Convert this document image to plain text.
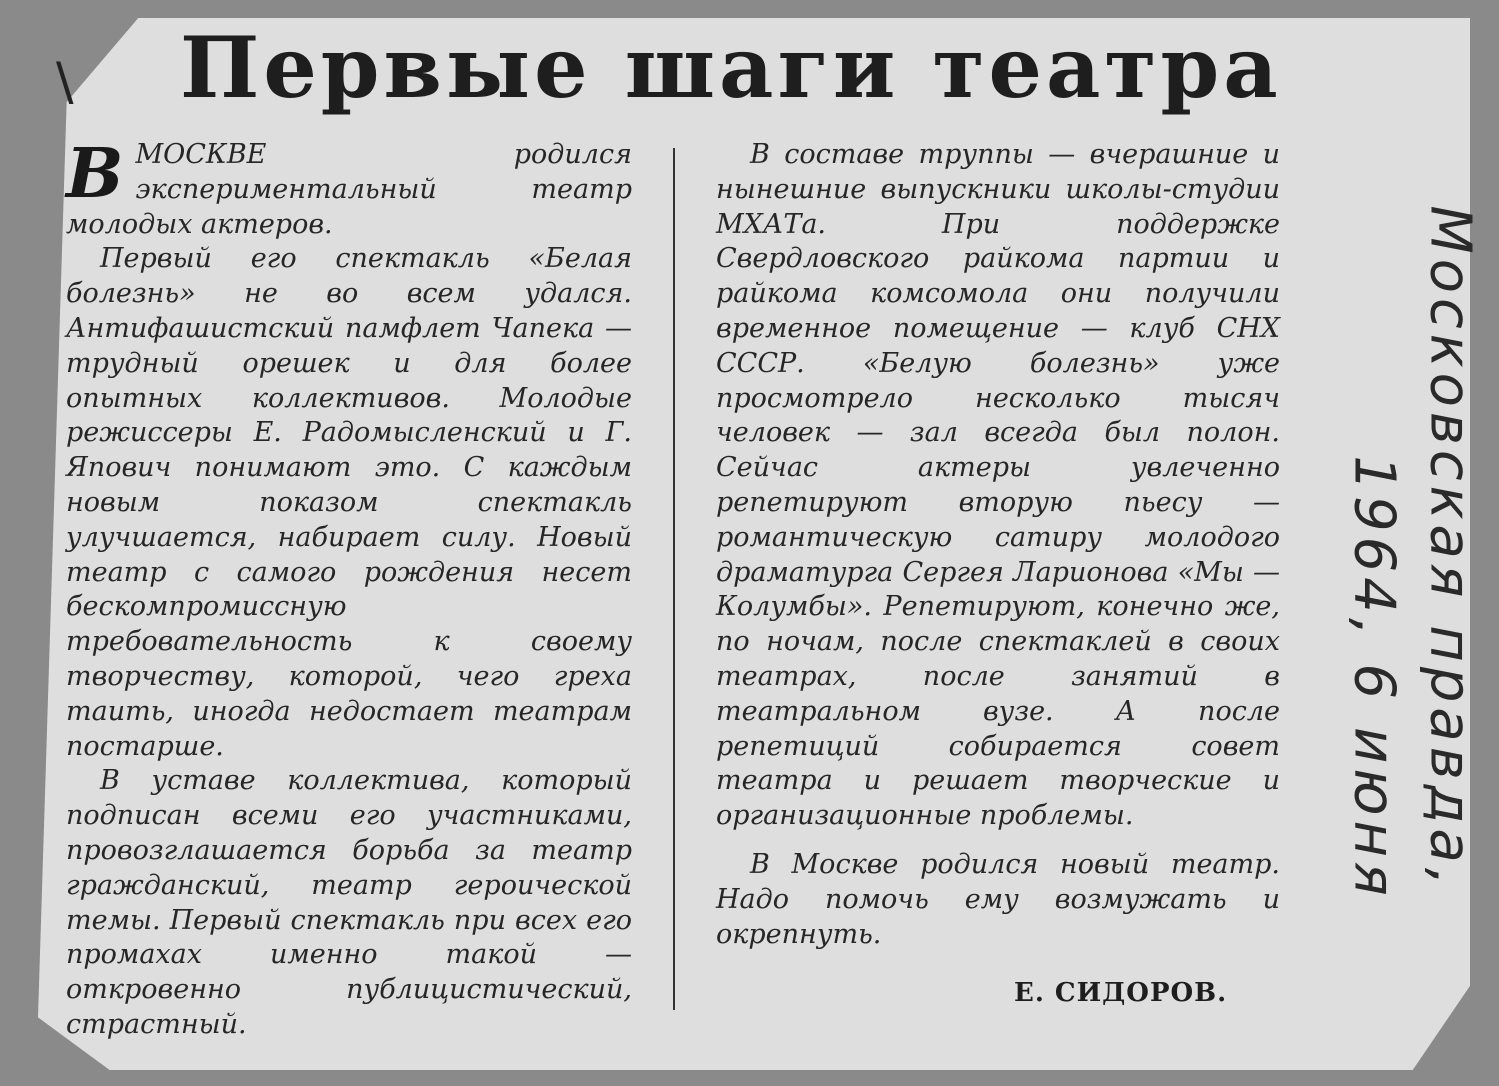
\ Первые шаги театра

ВМОСКВЕ родился экспериментальный театр молодых актеров.

Первый его спектакль «Белая болезнь» не во всем удался. Антифашистский памфлет Чапека — трудный орешек и для более опытных коллективов. Молодые режиссеры Е. Радомысленский и Г. Япович понимают это. С каждым новым показом спектакль улучшается, набирает силу. Новый театр с самого рождения несет бескомпромиссную требовательность к своему творчеству, которой, чего греха таить, иногда недостает театрам постарше.

В уставе коллектива, который подписан всеми его участниками, провозглашается борьба за театр гражданский, театр героической темы. Первый спектакль при всех его промахах именно такой — откровенно публицистический, страстный.

В составе труппы — вчерашние и нынешние выпускники школы-студии МХАТа. При поддержке Свердловского райкома партии и райкома комсомола они получили временное помещение — клуб СНХ СССР. «Белую болезнь» уже просмотрело несколько тысяч человек — зал всегда был полон. Сейчас актеры увлеченно репетируют вторую пьесу — романтическую сатиру молодого драматурга Сергея Ларионова «Мы — Колумбы». Репетируют, конечно же, по ночам, после спектаклей в своих театрах, после занятий в театральном вузе. А после репетиций собирается совет театра и решает творческие и организационные проблемы.

В Москве родился новый театр. Надо помочь ему возмужать и окрепнуть.

Е. СИДОРОВ.
Московская правда,
1964, 6 июня
